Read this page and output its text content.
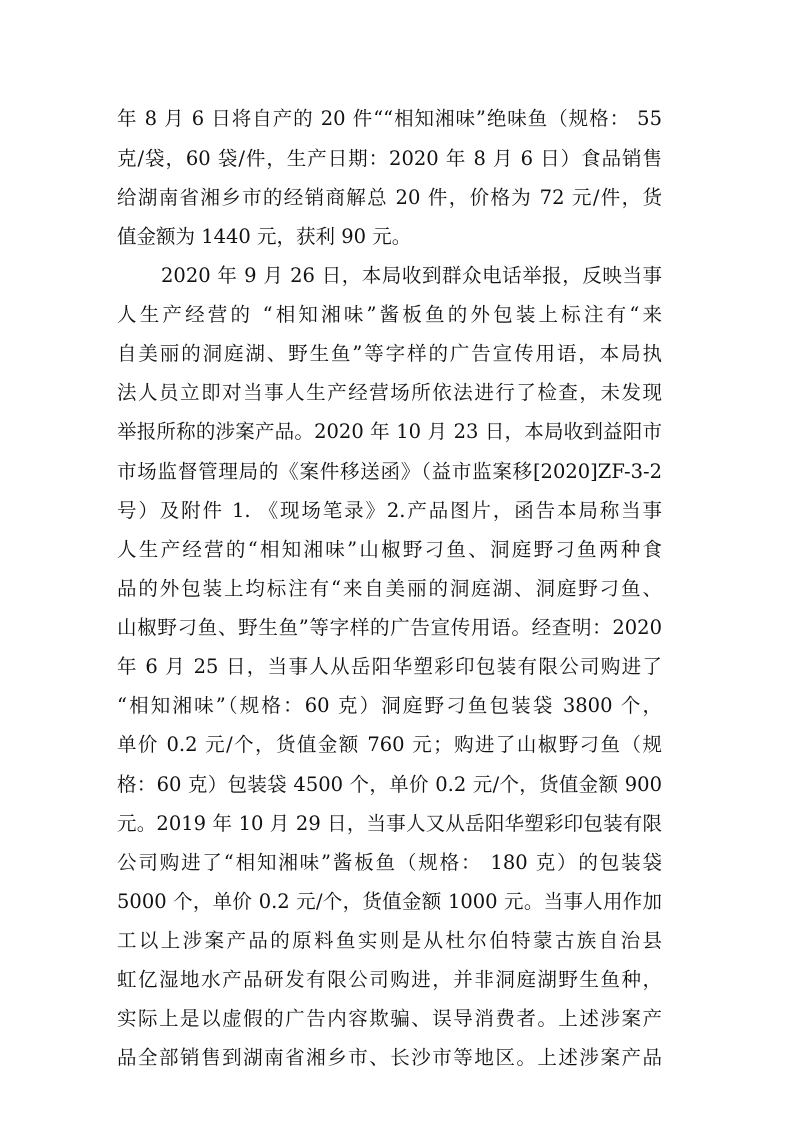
年 8 月 6 日将自产的 20 件““相知湘味”绝味鱼（规格： 55
克/袋，60 袋/件，生产日期：2020 年 8 月 6 日）食品销售
给湖南省湘乡市的经销商解总 20 件，价格为 72 元/件，货
值金额为 1440 元，获利 90 元。
2020 年 9 月 26 日，本局收到群众电话举报，反映当事
人生产经营的 “相知湘味”酱板鱼的外包装上标注有“来
自美丽的洞庭湖、野生鱼”等字样的广告宣传用语，本局执
法人员立即对当事人生产经营场所依法进行了检查，未发现
举报所称的涉案产品。2020 年 10 月 23 日，本局收到益阳市
市场监督管理局的《案件移送函》（益市监案移[2020]ZF-3-2
号）及附件 1. 《现场笔录》2.产品图片，函告本局称当事
人生产经营的“相知湘味”山椒野刁鱼、洞庭野刁鱼两种食
品的外包装上均标注有“来自美丽的洞庭湖、洞庭野刁鱼、
山椒野刁鱼、野生鱼”等字样的广告宣传用语。经查明：2020
年 6 月 25 日，当事人从岳阳华塑彩印包装有限公司购进了
“相知湘味”（规格：60 克）洞庭野刁鱼包装袋 3800 个，
单价 0.2 元/个，货值金额 760 元；购进了山椒野刁鱼（规
格：60 克）包装袋 4500 个，单价 0.2 元/个，货值金额 900
元。2019 年 10 月 29 日，当事人又从岳阳华塑彩印包装有限
公司购进了“相知湘味”酱板鱼（规格： 180 克）的包装袋
5000 个，单价 0.2 元/个，货值金额 1000 元。当事人用作加
工以上涉案产品的原料鱼实则是从杜尔伯特蒙古族自治县
虹亿湿地水产品研发有限公司购进，并非洞庭湖野生鱼种，
实际上是以虚假的广告内容欺骗、误导消费者。上述涉案产
品全部销售到湖南省湘乡市、长沙市等地区。上述涉案产品
